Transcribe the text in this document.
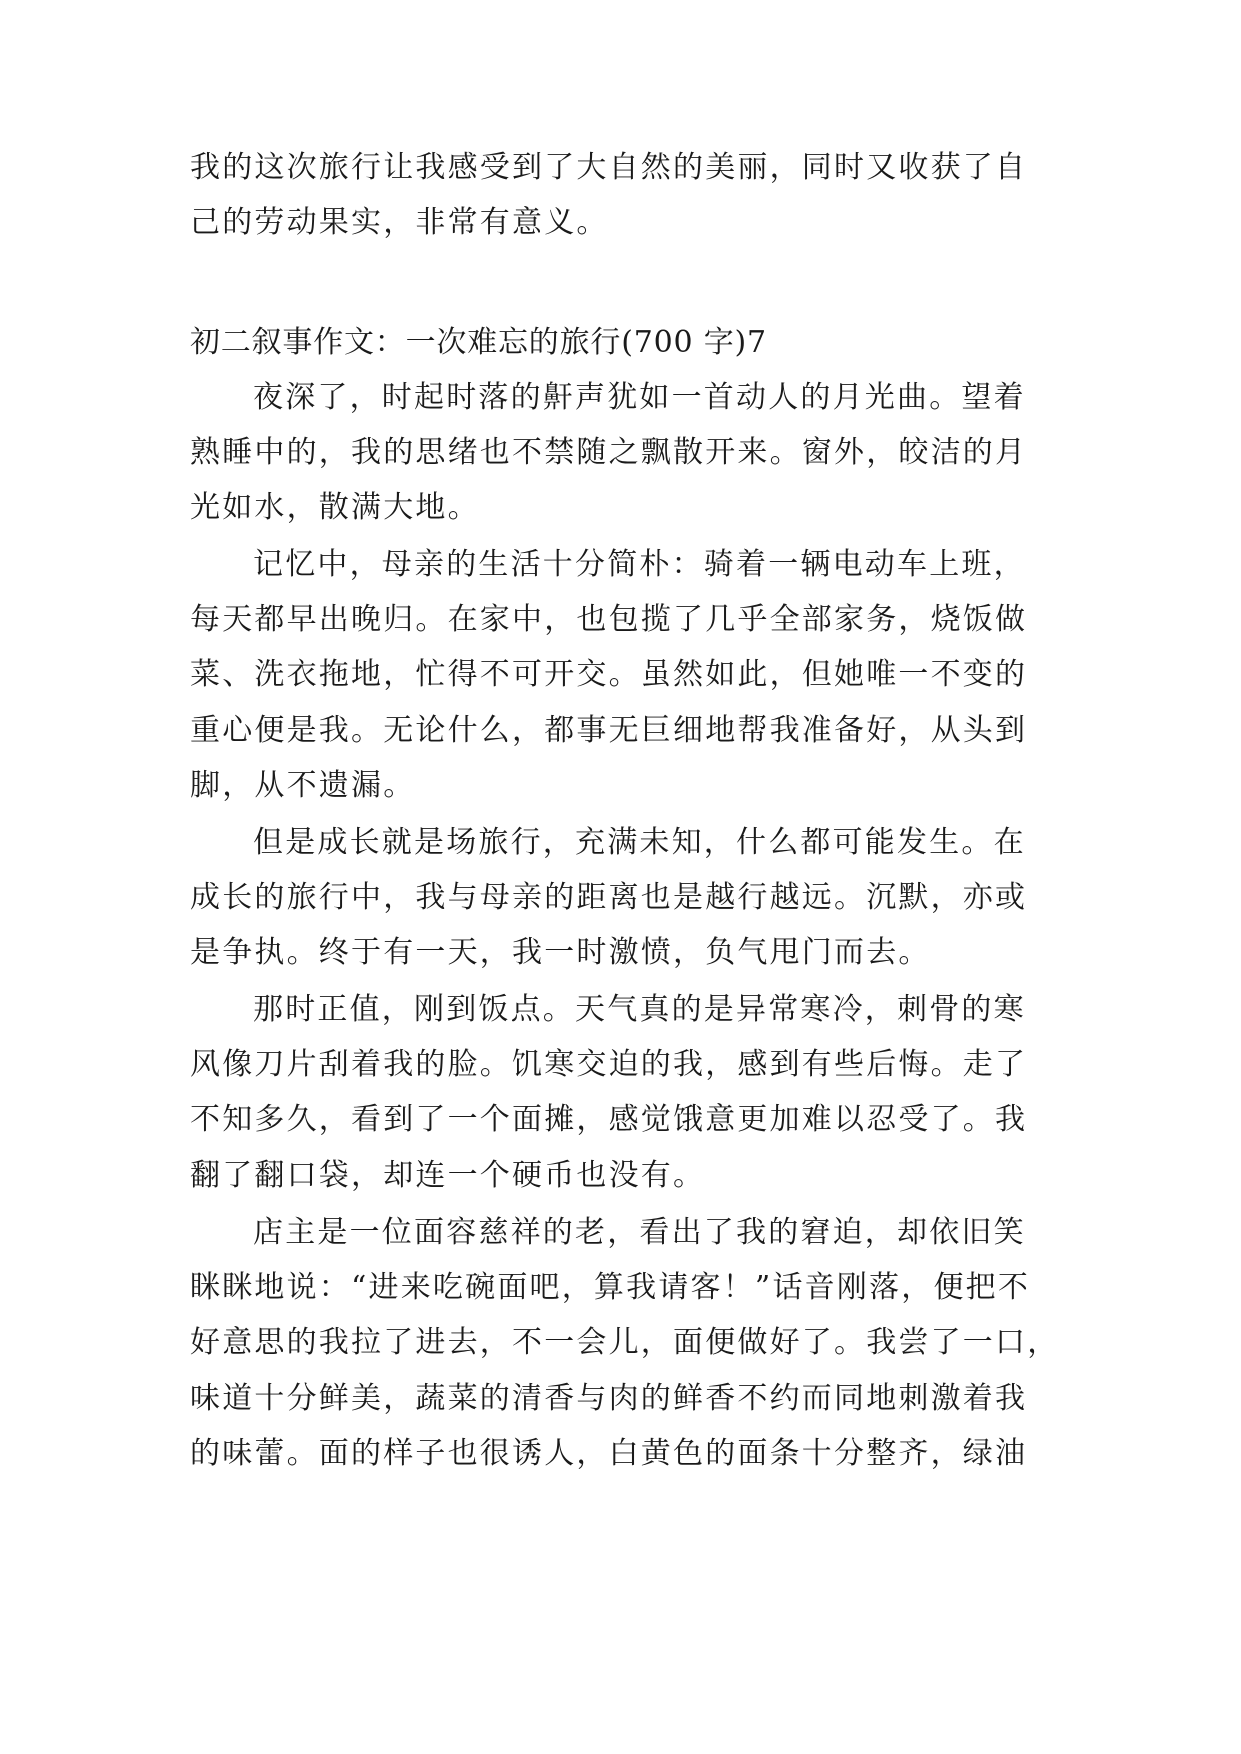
我的这次旅行让我感受到了大自然的美丽，同时又收获了自
己的劳动果实，非常有意义。
初二叙事作文：一次难忘的旅行(700 字)7
夜深了，时起时落的鼾声犹如一首动人的月光曲。望着
熟睡中的，我的思绪也不禁随之飘散开来。窗外，皎洁的月
光如水，散满大地。
记忆中，母亲的生活十分简朴：骑着一辆电动车上班，
每天都早出晚归。在家中，也包揽了几乎全部家务，烧饭做
菜、洗衣拖地，忙得不可开交。虽然如此，但她唯一不变的
重心便是我。无论什么，都事无巨细地帮我准备好，从头到
脚，从不遗漏。
但是成长就是场旅行，充满未知，什么都可能发生。在
成长的旅行中，我与母亲的距离也是越行越远。沉默，亦或
是争执。终于有一天，我一时激愤，负气甩门而去。
那时正值，刚到饭点。天气真的是异常寒冷，刺骨的寒
风像刀片刮着我的脸。饥寒交迫的我，感到有些后悔。走了
不知多久，看到了一个面摊，感觉饿意更加难以忍受了。我
翻了翻口袋，却连一个硬币也没有。
店主是一位面容慈祥的老，看出了我的窘迫，却依旧笑
眯眯地说：“进来吃碗面吧，算我请客！”话音刚落，便把不
好意思的我拉了进去，不一会儿，面便做好了。我尝了一口，
味道十分鲜美，蔬菜的清香与肉的鲜香不约而同地刺激着我
的味蕾。面的样子也很诱人，白黄色的面条十分整齐，绿油
